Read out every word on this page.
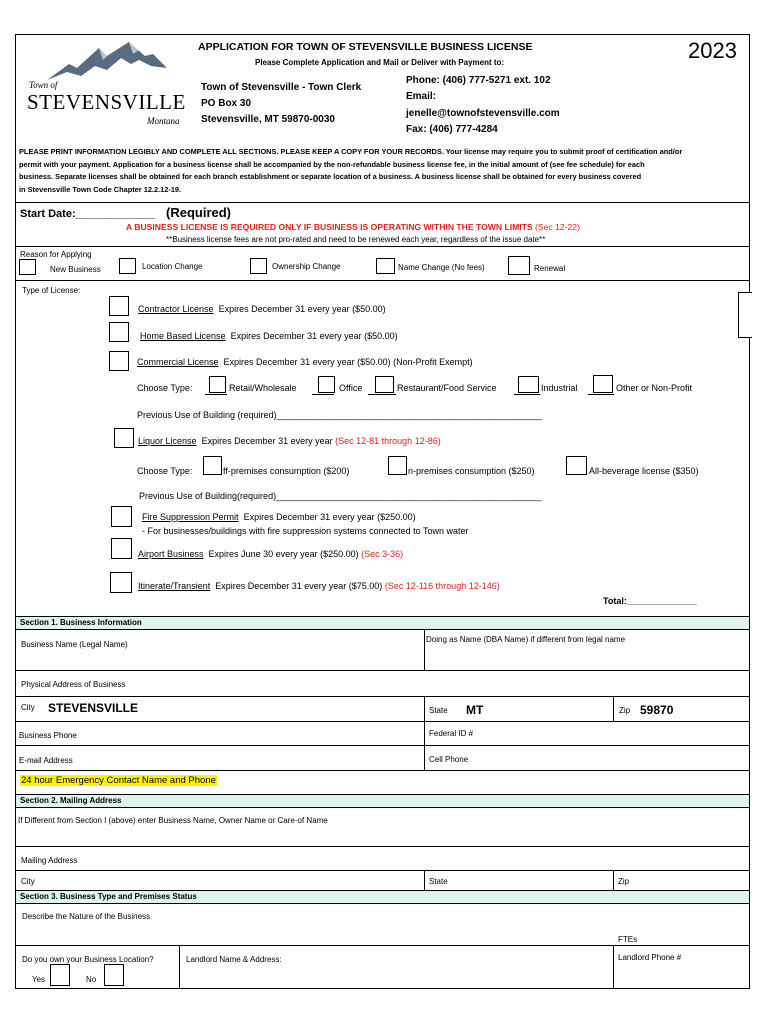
Town of
STEVENSVILLE
Montana
APPLICATION FOR TOWN OF STEVENSVILLE BUSINESS LICENSE
Please Complete Application and Mail or Deliver with Payment to:	2023
Town of Stevensville - Town Clerk
PO Box 30
Stevensville, MT 59870-0030
Phone: (406) 777-5271 ext. 102
Email:
jenelle@townofstevensville.com
Fax: (406) 777-4284
PLEASE PRINT INFORMATION LEGIBLY AND COMPLETE ALL SECTIONS. PLEASE KEEP A COPY FOR YOUR RECORDS. Your license may require you to submit proof of certification and/or
permit with your payment. Application for a business license shall be accompanied by the non-refundable business license fee, in the initial amount of (see fee schedule) for each
business. Separate licenses shall be obtained for each branch establishment or separate location of a business. A business license shall be obtained for every business covered
in Stevensville Town Code Chapter 12.2.12-19.
Start Date:_____________ (Required)
A BUSINESS LICENSE IS REQUIRED ONLY IF BUSINESS IS OPERATING WITHIN THE TOWN LIMITS (Sec 12-22)
**Business license fees are not pro-rated and need to be renewed each year, regardless of the issue date**
Reason for Applying
New Business	Location Change	Ownership Change	Name Change (No fees)	Renewal
Type of License:
Contractor License Expires December 31 every year ($50.00)
Home Based License Expires December 31 every year ($50.00)
Commercial License Expires December 31 every year ($50.00) (Non-Profit Exempt)
Choose Type:	Retail/Wholesale	Office	Restaurant/Food Service	Industrial	Other or Non-Profit
Previous Use of Building (required)_____________________________________________________
Liquor License Expires December 31 every year (Sec 12-81 through 12-86)
Choose Type:	ff-premises consumption ($200)	n-premises consumption ($250)	All-beverage license ($350)
Previous Use of Building(required)_____________________________________________________
Fire Suppression Permit Expires December 31 every year ($250.00)
- For businesses/buildings with fire suppression systems connected to Town water
Airport Business Expires June 30 every year ($250.00) (Sec 3-36)
Itinerate/Transient Expires December 31 every year ($75.00) (Sec 12-116 through 12-146)
Total:______________
Section 1. Business Information
Business Name (Legal Name)
Doing as Name (DBA Name) if different from legal name
Physical Address of Business
City STEVENSVILLE	State MT	Zip 59870
Business Phone	Federal ID #
E-mail Address	Cell Phone
24 hour Emergency Contact Name and Phone
Section 2. Mailing Address
If Different from Section I (above) enter Business Name, Owner Name or Care-of Name
Mailing Address
City	State	Zip
Section 3. Business Type and Premises Status
Describe the Nature of the Business
FTEs
Do you own your Business Location?	Landlord Name & Address:	Landlord Phone #
Yes	No
